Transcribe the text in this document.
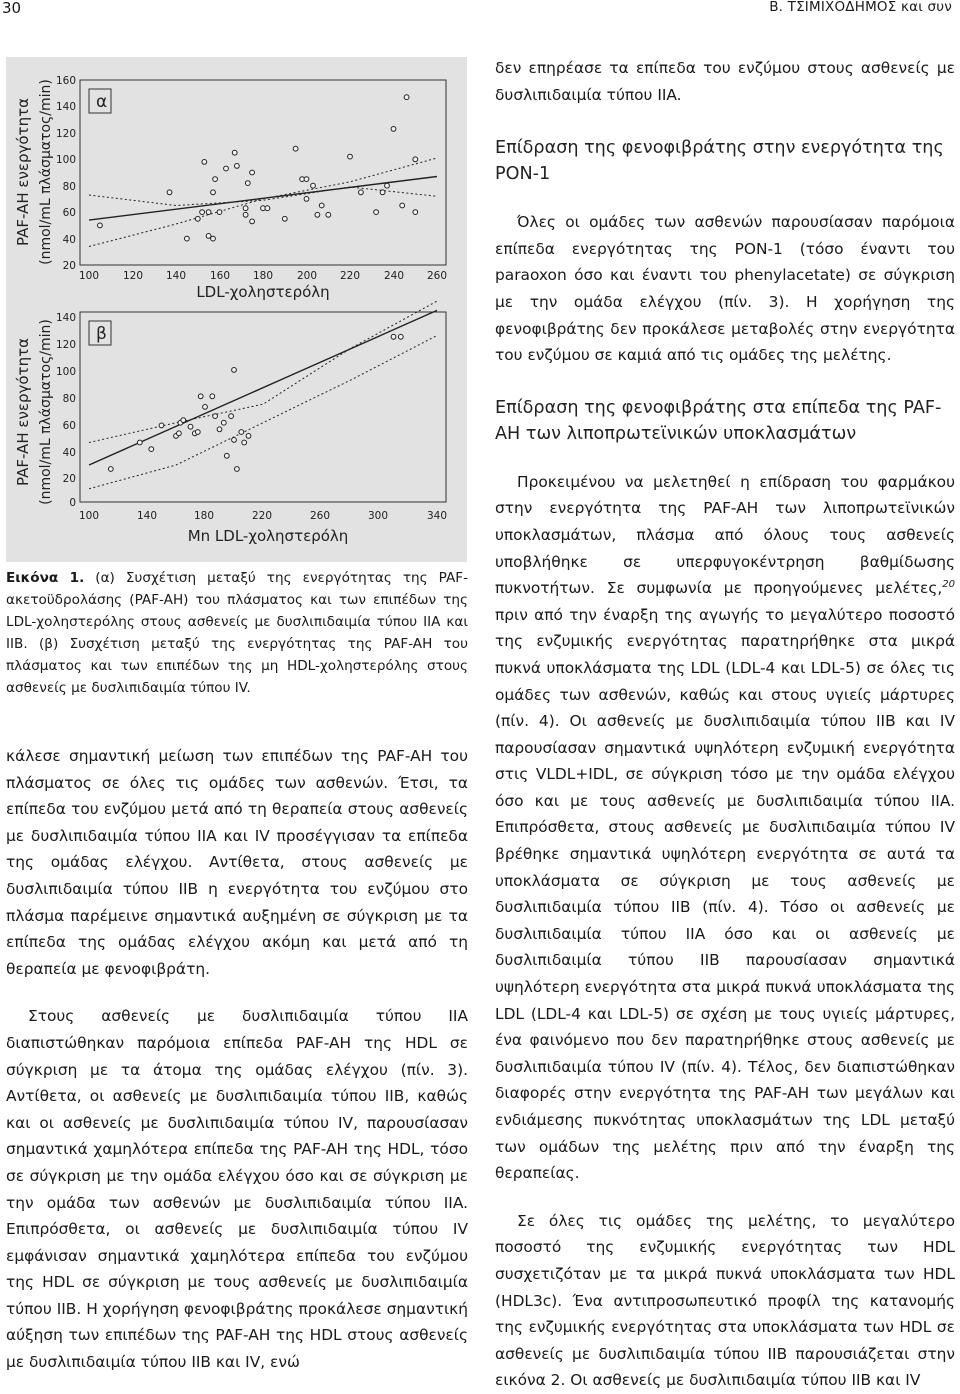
30	Β. ΤΣΙΜΙΧΟΔΗΜΟΣ και συν
α
PAF-AH ενεργότητα (nmol/mL πλάσματος/min)
LDL-χοληστερόλη
160
140
120
100
80
60
40
20
100 120 140 160 180 200 220 240 260
β
PAF-AH ενεργότητα (nmol/mL πλάσματος/min)
Mn LDL-χοληστερόλη
140
120
100
80
60
40
20
0
100	140	180	220	260	300	340
Εικόνα 1. (α) Συσχέτιση μεταξύ της ενεργότητας της PAF-ακετοϋδρολάσης (PAF-AH) του πλάσματος και των επιπέδων της LDL-χοληστερόλης στους ασθενείς με δυσλιπιδαιμία τύπου IIA και IIB. (β) Συσχέτιση μεταξύ της ενεργότητας της PAF-AH του πλάσματος και των επιπέδων της μη HDL-χοληστερόλης στους ασθενείς με δυσλιπιδαιμία τύπου IV.

κάλεσε σημαντική μείωση των επιπέδων της PAF-AH του πλάσματος σε όλες τις ομάδες των ασθενών. Έτσι, τα επίπεδα του ενζύμου μετά από τη θεραπεία στους ασθενείς με δυσλιπιδαιμία τύπου IIA και IV προσέγγισαν τα επίπεδα της ομάδας ελέγχου. Αντίθετα, στους ασθενείς με δυσλιπιδαιμία τύπου IIB η ενεργότητα του ενζύμου στο πλάσμα παρέμεινε σημαντικά αυξημένη σε σύγκριση με τα επίπεδα της ομάδας ελέγχου ακόμη και μετά από τη θεραπεία με φενοφιβράτη.

Στους ασθενείς με δυσλιπιδαιμία τύπου IIA διαπιστώθηκαν παρόμοια επίπεδα PAF-AH της HDL σε σύγκριση με τα άτομα της ομάδας ελέγχου (πίν. 3). Αντίθετα, οι ασθενείς με δυσλιπιδαιμία τύπου IIB, καθώς και οι ασθενείς με δυσλιπιδαιμία τύπου IV, παρουσίασαν σημαντικά χαμηλότερα επίπεδα της PAF-AH της HDL, τόσο σε σύγκριση με την ομάδα ελέγχου όσο και σε σύγκριση με την ομάδα των ασθενών με δυσλιπιδαιμία τύπου IIA. Επιπρόσθετα, οι ασθενείς με δυσλιπιδαιμία τύπου IV εμφάνισαν σημαντικά χαμηλότερα επίπεδα του ενζύμου της HDL σε σύγκριση με τους ασθενείς με δυσλιπιδαιμία τύπου IIB. Η χορήγηση φενοφιβράτης προκάλεσε σημαντική αύξηση των επιπέδων της PAF-AH της HDL στους ασθενείς με δυσλιπιδαιμία τύπου IIB και IV, ενώ

δεν επηρέασε τα επίπεδα του ενζύμου στους ασθενείς με δυσλιπιδαιμία τύπου IIA.

Επίδραση της φενοφιβράτης στην ενεργότητα της PON-1

Όλες οι ομάδες των ασθενών παρουσίασαν παρόμοια επίπεδα ενεργότητας της PON-1 (τόσο έναντι του paraoxon όσο και έναντι του phenylacetate) σε σύγκριση με την ομάδα ελέγχου (πίν. 3). Η χορήγηση της φενοφιβράτης δεν προκάλεσε μεταβολές στην ενεργότητα του ενζύμου σε καμιά από τις ομάδες της μελέτης.

Επίδραση της φενοφιβράτης στα επίπεδα της PAF-AH των λιποπρωτεϊνικών υποκλασμάτων

Προκειμένου να μελετηθεί η επίδραση του φαρμάκου στην ενεργότητα της PAF-AH των λιποπρωτεϊνικών υποκλασμάτων, πλάσμα από όλους τους ασθενείς υποβλήθηκε σε υπερφυγοκέντρηση βαθμίδωσης πυκνοτήτων. Σε συμφωνία με προηγούμενες μελέτες,$^{20}$ πριν από την έναρξη της αγωγής το μεγαλύτερο ποσοστό της ενζυμικής ενεργότητας παρατηρήθηκε στα μικρά πυκνά υποκλάσματα της LDL (LDL-4 και LDL-5) σε όλες τις ομάδες των ασθενών, καθώς και στους υγιείς μάρτυρες (πίν. 4). Οι ασθενείς με δυσλιπιδαιμία τύπου IIB και IV παρουσίασαν σημαντικά υψηλότερη ενζυμική ενεργότητα στις VLDL+IDL, σε σύγκριση τόσο με την ομάδα ελέγχου όσο και με τους ασθενείς με δυσλιπιδαιμία τύπου IIA. Επιπρόσθετα, στους ασθενείς με δυσλιπιδαιμία τύπου IV βρέθηκε σημαντικά υψηλότερη ενεργότητα σε αυτά τα υποκλάσματα σε σύγκριση με τους ασθενείς με δυσλιπιδαιμία τύπου IIB (πίν. 4). Τόσο οι ασθενείς με δυσλιπιδαιμία τύπου IIA όσο και οι ασθενείς με δυσλιπιδαιμία τύπου IIB παρουσίασαν σημαντικά υψηλότερη ενεργότητα στα μικρά πυκνά υποκλάσματα της LDL (LDL-4 και LDL-5) σε σχέση με τους υγιείς μάρτυρες, ένα φαινόμενο που δεν παρατηρήθηκε στους ασθενείς με δυσλιπιδαιμία τύπου IV (πίν. 4). Τέλος, δεν διαπιστώθηκαν διαφορές στην ενεργότητα της PAF-AH των μεγάλων και ενδιάμεσης πυκνότητας υποκλασμάτων της LDL μεταξύ των ομάδων της μελέτης πριν από την έναρξη της θεραπείας.

Σε όλες τις ομάδες της μελέτης, το μεγαλύτερο ποσοστό της ενζυμικής ενεργότητας των HDL συσχετιζόταν με τα μικρά πυκνά υποκλάσματα των HDL (HDL3c). Ένα αντιπροσωπευτικό προφίλ της κατανομής της ενζυμικής ενεργότητας στα υποκλάσματα των HDL σε ασθενείς με δυσλιπιδαιμία τύπου IIB παρουσιάζεται στην εικόνα 2. Οι ασθενείς με δυσλιπιδαιμία τύπου IIB και IV
